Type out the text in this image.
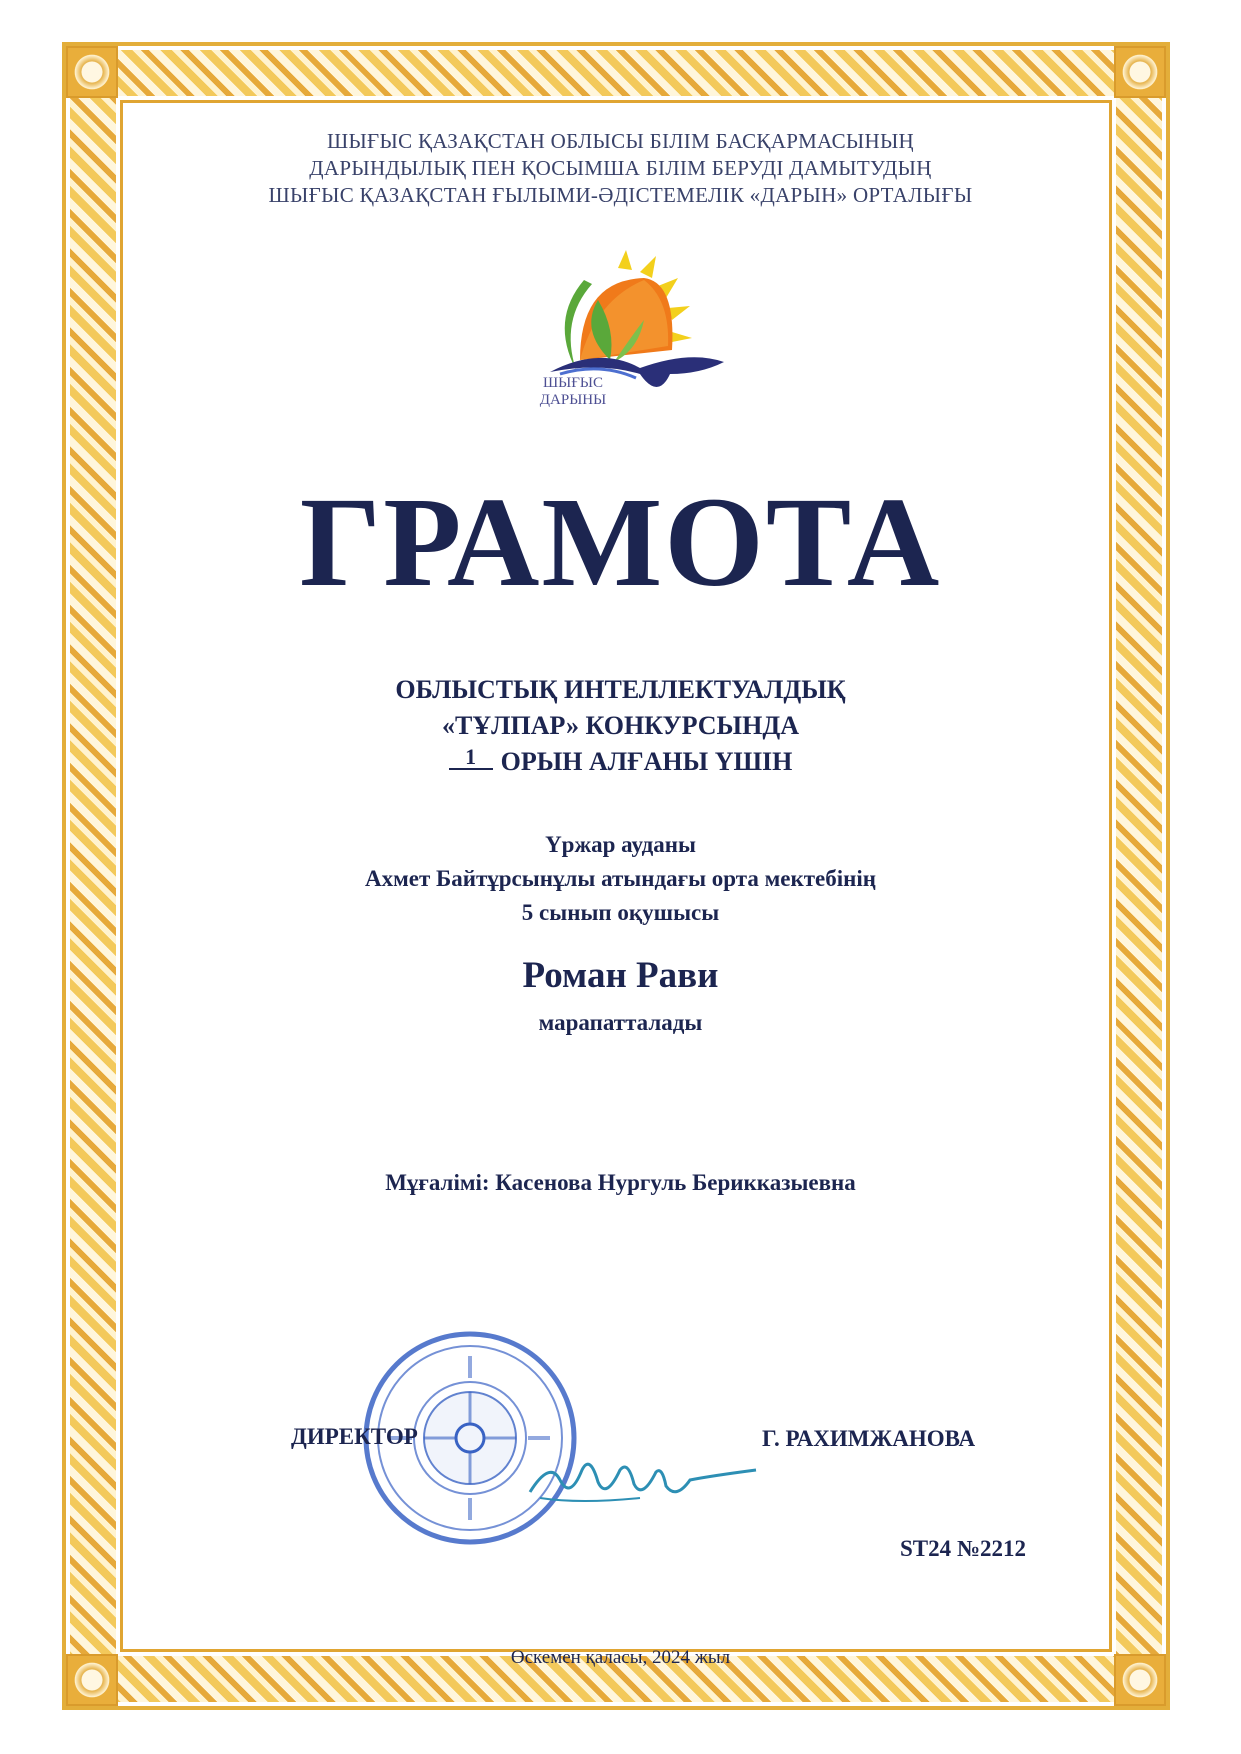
ШЫҒЫС ҚАЗАҚСТАН ОБЛЫСЫ БІЛІМ БАСҚАРМАСЫНЫҢ
ДАРЫНДЫЛЫҚ ПЕН ҚОСЫМША БІЛІМ БЕРУДІ ДАМЫТУДЫҢ
ШЫҒЫС ҚАЗАҚСТАН ҒЫЛЫМИ-ӘДІСТЕМЕЛІК «ДАРЫН» ОРТАЛЫҒЫ
ШЫҒЫС
ДАРЫНЫ
ГРАМОТА
ОБЛЫСТЫҚ ИНТЕЛЛЕКТУАЛДЫҚ
«ТҰЛПАР» КОНКУРСЫНДА
1 ОРЫН АЛҒАНЫ ҮШІН
Үржар ауданы
Ахмет Байтұрсынұлы атындағы орта мектебінің
5 сынып оқушысы
Роман Рави
марапатталады
Мұғалімі: Касенова Нургуль Берикказыевна
ДИРЕКТОР	Г. РАХИМЖАНОВА
ST24 №2212
Өскемен қаласы, 2024 жыл
